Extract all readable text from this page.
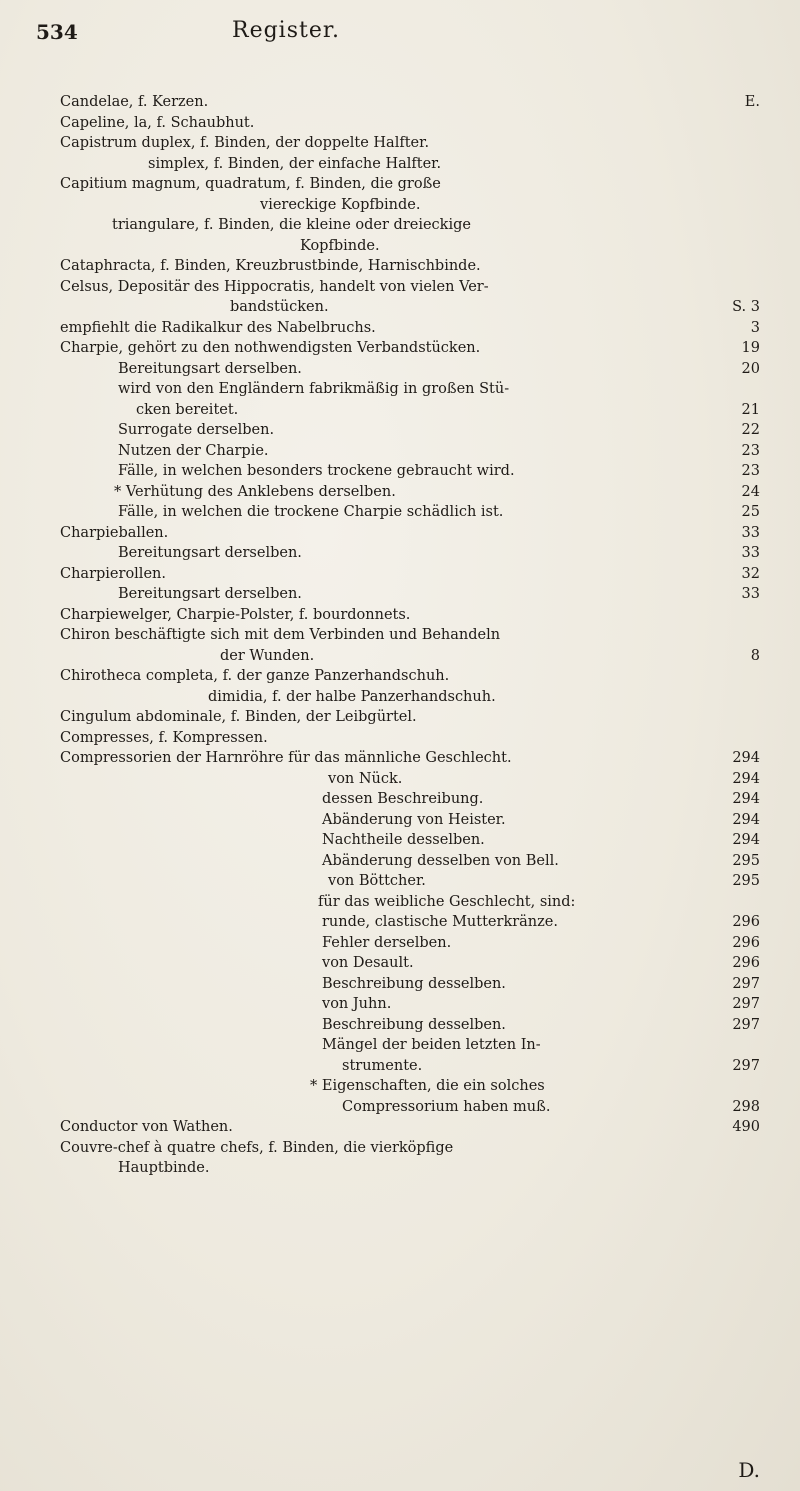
534	Register.
Candelae, f. Kerzen.	E.
Capeline, la, f. Schaubhut.
Capistrum duplex, f. Binden, der doppelte Halfter.
simplex, f. Binden, der einfache Halfter.
Capitium magnum, quadratum, f. Binden, die große
viereckige Kopfbinde.
triangulare, f. Binden, die kleine oder dreieckige
Kopfbinde.
Cataphracta, f. Binden, Kreuzbrustbinde, Harnischbinde.
Celsus, Depositär des Hippocratis, handelt von vielen Ver-
bandstücken.	S. 3
empfiehlt die Radikalkur des Nabelbruchs.	3
Charpie, gehört zu den nothwendigsten Verbandstücken.	19
Bereitungsart derselben.	20
wird von den Engländern fabrikmäßig in großen Stü-
cken bereitet.	21
Surrogate derselben.	22
Nutzen der Charpie.	23
Fälle, in welchen besonders trockene gebraucht wird.	23
* Verhütung des Anklebens derselben.	24
Fälle, in welchen die trockene Charpie schädlich ist.	25
Charpieballen.	33
Bereitungsart derselben.	33
Charpierollen.	32
Bereitungsart derselben.	33
Charpiewelger, Charpie-Polster, f. bourdonnets.
Chiron beschäftigte sich mit dem Verbinden und Behandeln
der Wunden.	8
Chirotheca completa, f. der ganze Panzerhandschuh.
dimidia, f. der halbe Panzerhandschuh.
Cingulum abdominale, f. Binden, der Leibgürtel.
Compresses, f. Kompressen.
Compressorien der Harnröhre für das männliche Geschlecht.	294
von Nück.	294
dessen Beschreibung.	294
Abänderung von Heister.	294
Nachtheile desselben.	294
Abänderung desselben von Bell.	295
von Böttcher.	295
für das weibliche Geschlecht, sind:
runde, clastische Mutterkränze.	296
Fehler derselben.	296
von Desault.	296
Beschreibung desselben.	297
von Juhn.	297
Beschreibung desselben.	297
Mängel der beiden letzten In-
strumente.	297
* Eigenschaften, die ein solches
Compressorium haben muß.	298
Conductor von Wathen.	490
Couvre-chef à quatre chefs, f. Binden, die vierköpfige
Hauptbinde.
D.
